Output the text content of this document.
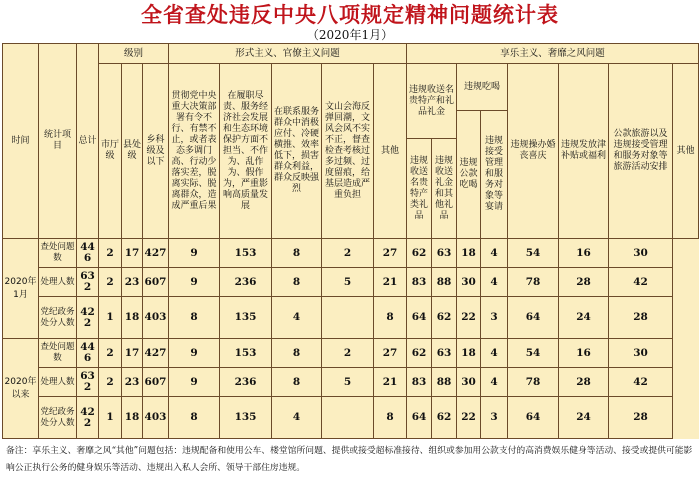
全省查处违反中央八项规定精神问题统计表
（2020年1月）
时间	统计项目	总计	级别			形式主义、官僚主义问题					享乐主义、奢靡之风问题							
			市厅级	县处级	乡科级及以下	贯彻党中央重大决策部署有令不行、有禁不止，或者表态多调门高、行动少落实差，脱离实际、脱离群众，造成严重后果	在履职尽责、服务经济社会发展和生态环境保护方面不担当、不作为、乱作为、假作为，严重影响高质量发展	在联系服务群众中消极应付、冷硬横推、效率低下，损害群众利益，群众反映强烈	文山会海反弹回潮，文风会风不实不正，督查检查考核过多过频、过度留痕，给基层造成严重负担	其他	违规收送名贵特产和礼品礼金		违规吃喝		违规操办婚丧喜庆	违规发放津补贴或福利	公款旅游以及违规接受管理和服务对象等旅游活动安排	其他
													违规公款吃喝	违规接受管理和服务对象等宴请				
											违规收送名贵特产类礼品	违规收送礼金和其他礼品						
2020年1月	查处问题数	446	2	17	427	9	153	8	2	27	62	63	18	4	54	16	30	
	处理人数	632	2	23	607	9	236	8	5	21	83	88	30	4	78	28	42	
	党纪政务处分人数	422	1	18	403	8	135	4		8	64	62	22	3	64	24	28	
2020年以来	查处问题数	446	2	17	427	9	153	8	2	27	62	63	18	4	54	16	30	
	处理人数	632	2	23	607	9	236	8	5	21	83	88	30	4	78	28	42	
	党纪政务处分人数	422	1	18	403	8	135	4		8	64	62	22	3	64	24	28	
备注：享乐主义、奢靡之风“其他”问题包括：违规配备和使用公车、楼堂馆所问题、提供或接受超标准接待、组织或参加用公款支付的高消费娱乐健身等活动、接受或提供可能影响公正执行公务的健身娱乐等活动、违规出入私人会所、领导干部住房违规。
